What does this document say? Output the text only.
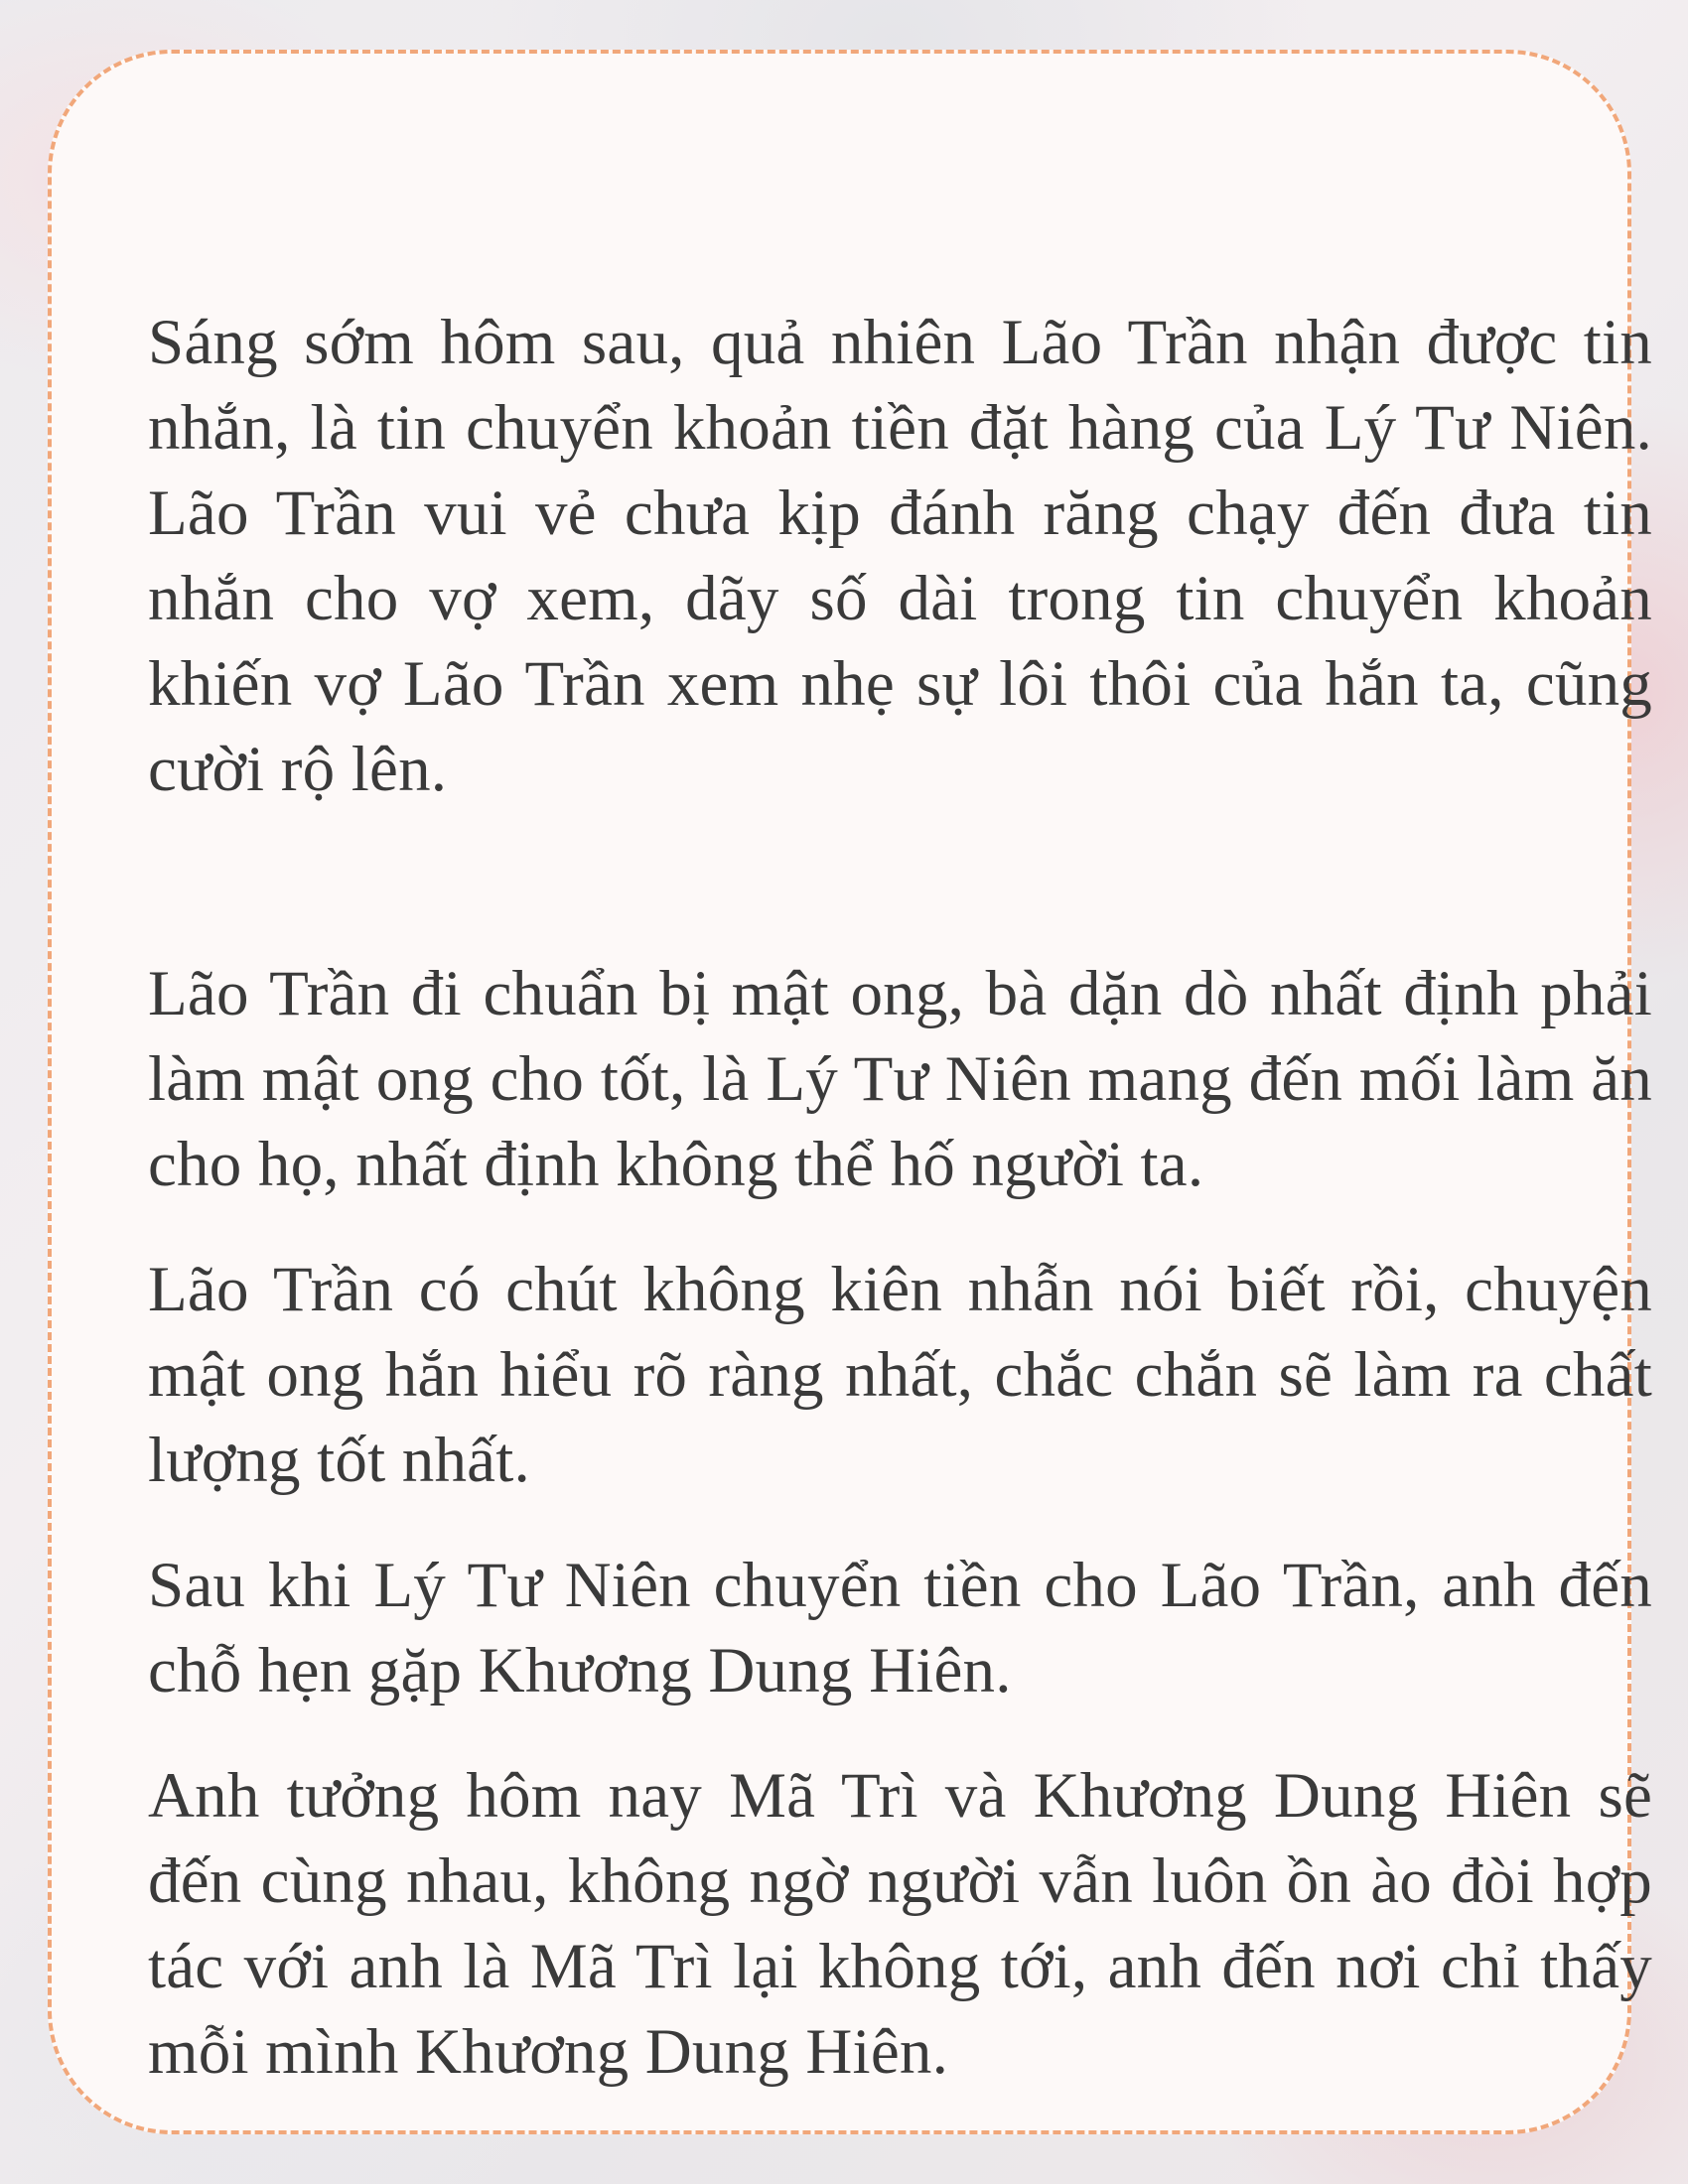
Sáng sớm hôm sau, quả nhiên Lão Trần nhận được tin nhắn, là tin chuyển khoản tiền đặt hàng của Lý Tư Niên. Lão Trần vui vẻ chưa kịp đánh răng chạy đến đưa tin nhắn cho vợ xem, dãy số dài trong tin chuyển khoản khiến vợ Lão Trần xem nhẹ sự lôi thôi của hắn ta, cũng cười rộ lên.

Lão Trần đi chuẩn bị mật ong, bà dặn dò nhất định phải làm mật ong cho tốt, là Lý Tư Niên mang đến mối làm ăn cho họ, nhất định không thể hố người ta.

Lão Trần có chút không kiên nhẫn nói biết rồi, chuyện mật ong hắn hiểu rõ ràng nhất, chắc chắn sẽ làm ra chất lượng tốt nhất.

Sau khi Lý Tư Niên chuyển tiền cho Lão Trần, anh đến chỗ hẹn gặp Khương Dung Hiên.

Anh tưởng hôm nay Mã Trì và Khương Dung Hiên sẽ đến cùng nhau, không ngờ người vẫn luôn ồn ào đòi hợp tác với anh là Mã Trì lại không tới, anh đến nơi chỉ thấy mỗi mình Khương Dung Hiên.
